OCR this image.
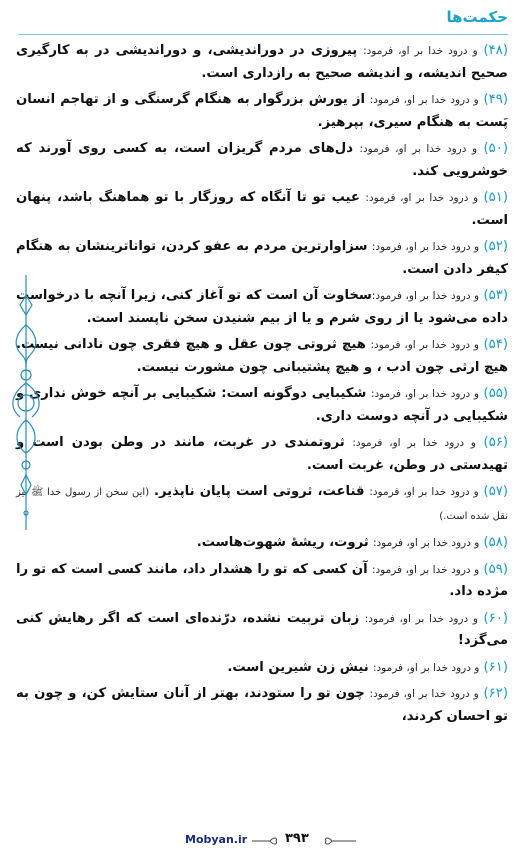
حکمت‌ها

(۴۸) و درود خدا بر او، فرمود: پیروزی در دوراندیشی، و دوراندیشی در به کارگیری صحیح اندیشه، و اندیشه صحیح به رازداری است.

(۴۹) و درود خدا بر او، فرمود: از یورش بزرگوار به هنگام گرسنگی و از تهاجم انسان پَست به هنگام سیری، بپرهیز.

(۵۰) و درود خدا بر او، فرمود: دل‌های مردم گریزان است، به کسی روی آورند که خوشرویی کند.

(۵۱) و درود خدا بر او، فرمود: عیب تو تا آنگاه که روزگار با تو هماهنگ باشد، پنهان است.

(۵۲) و درود خدا بر او، فرمود: سزاوارترین مردم به عفو کردن، تواناترینشان به هنگام کیفر دادن است.

(۵۳) و درود خدا بر او، فرمود:سخاوت آن است که تو آغاز کنی، زیرا آنچه با درخواست داده می‌شود یا از روی شرم و یا از بیم شنیدن سخن ناپسند است.

(۵۴) و درود خدا بر او، فرمود: هیچ ثروتی چون عقل و هیچ فقری چون نادانی نیست. هیچ ارثی چون ادب ، و هیچ پشتیبانی چون مشورت نیست.

(۵۵) و درود خدا بر او، فرمود: شکیبایی دوگونه است: شکیبایی بر آنچه خوش نداری و شکیبایی در آنچه دوست داری.

(۵۶) و درود خدا بر او، فرمود: ثروتمندی در غربت، مانند در وطن بودن است و تهیدستی در وطن، غربت است.

(۵۷) و درود خدا بر او، فرمود: قناعت، ثروتی است پایان ناپذیر. (این سخن از رسول خدا ﷺ نیز نقل شده است.)

(۵۸) و درود خدا بر او، فرمود: ثروت، ریشهٔ شهوت‌هاست.

(۵۹) و درود خدا بر او، فرمود: آن کسی که تو را هشدار داد، مانند کسی است که تو را مژده داد.

(۶۰) و درود خدا بر او، فرمود: زبان تربیت نشده، درّنده‌ای است که اگر رهایش کنی می‌گزد!

(۶۱) و درود خدا بر او، فرمود: نیش زن شیرین است.

(۶۲) و درود خدا بر او، فرمود: چون تو را ستودند، بهتر از آنان ستایش کن، و چون به تو احسان کردند،

Mobyan.ir	۳۹۳
